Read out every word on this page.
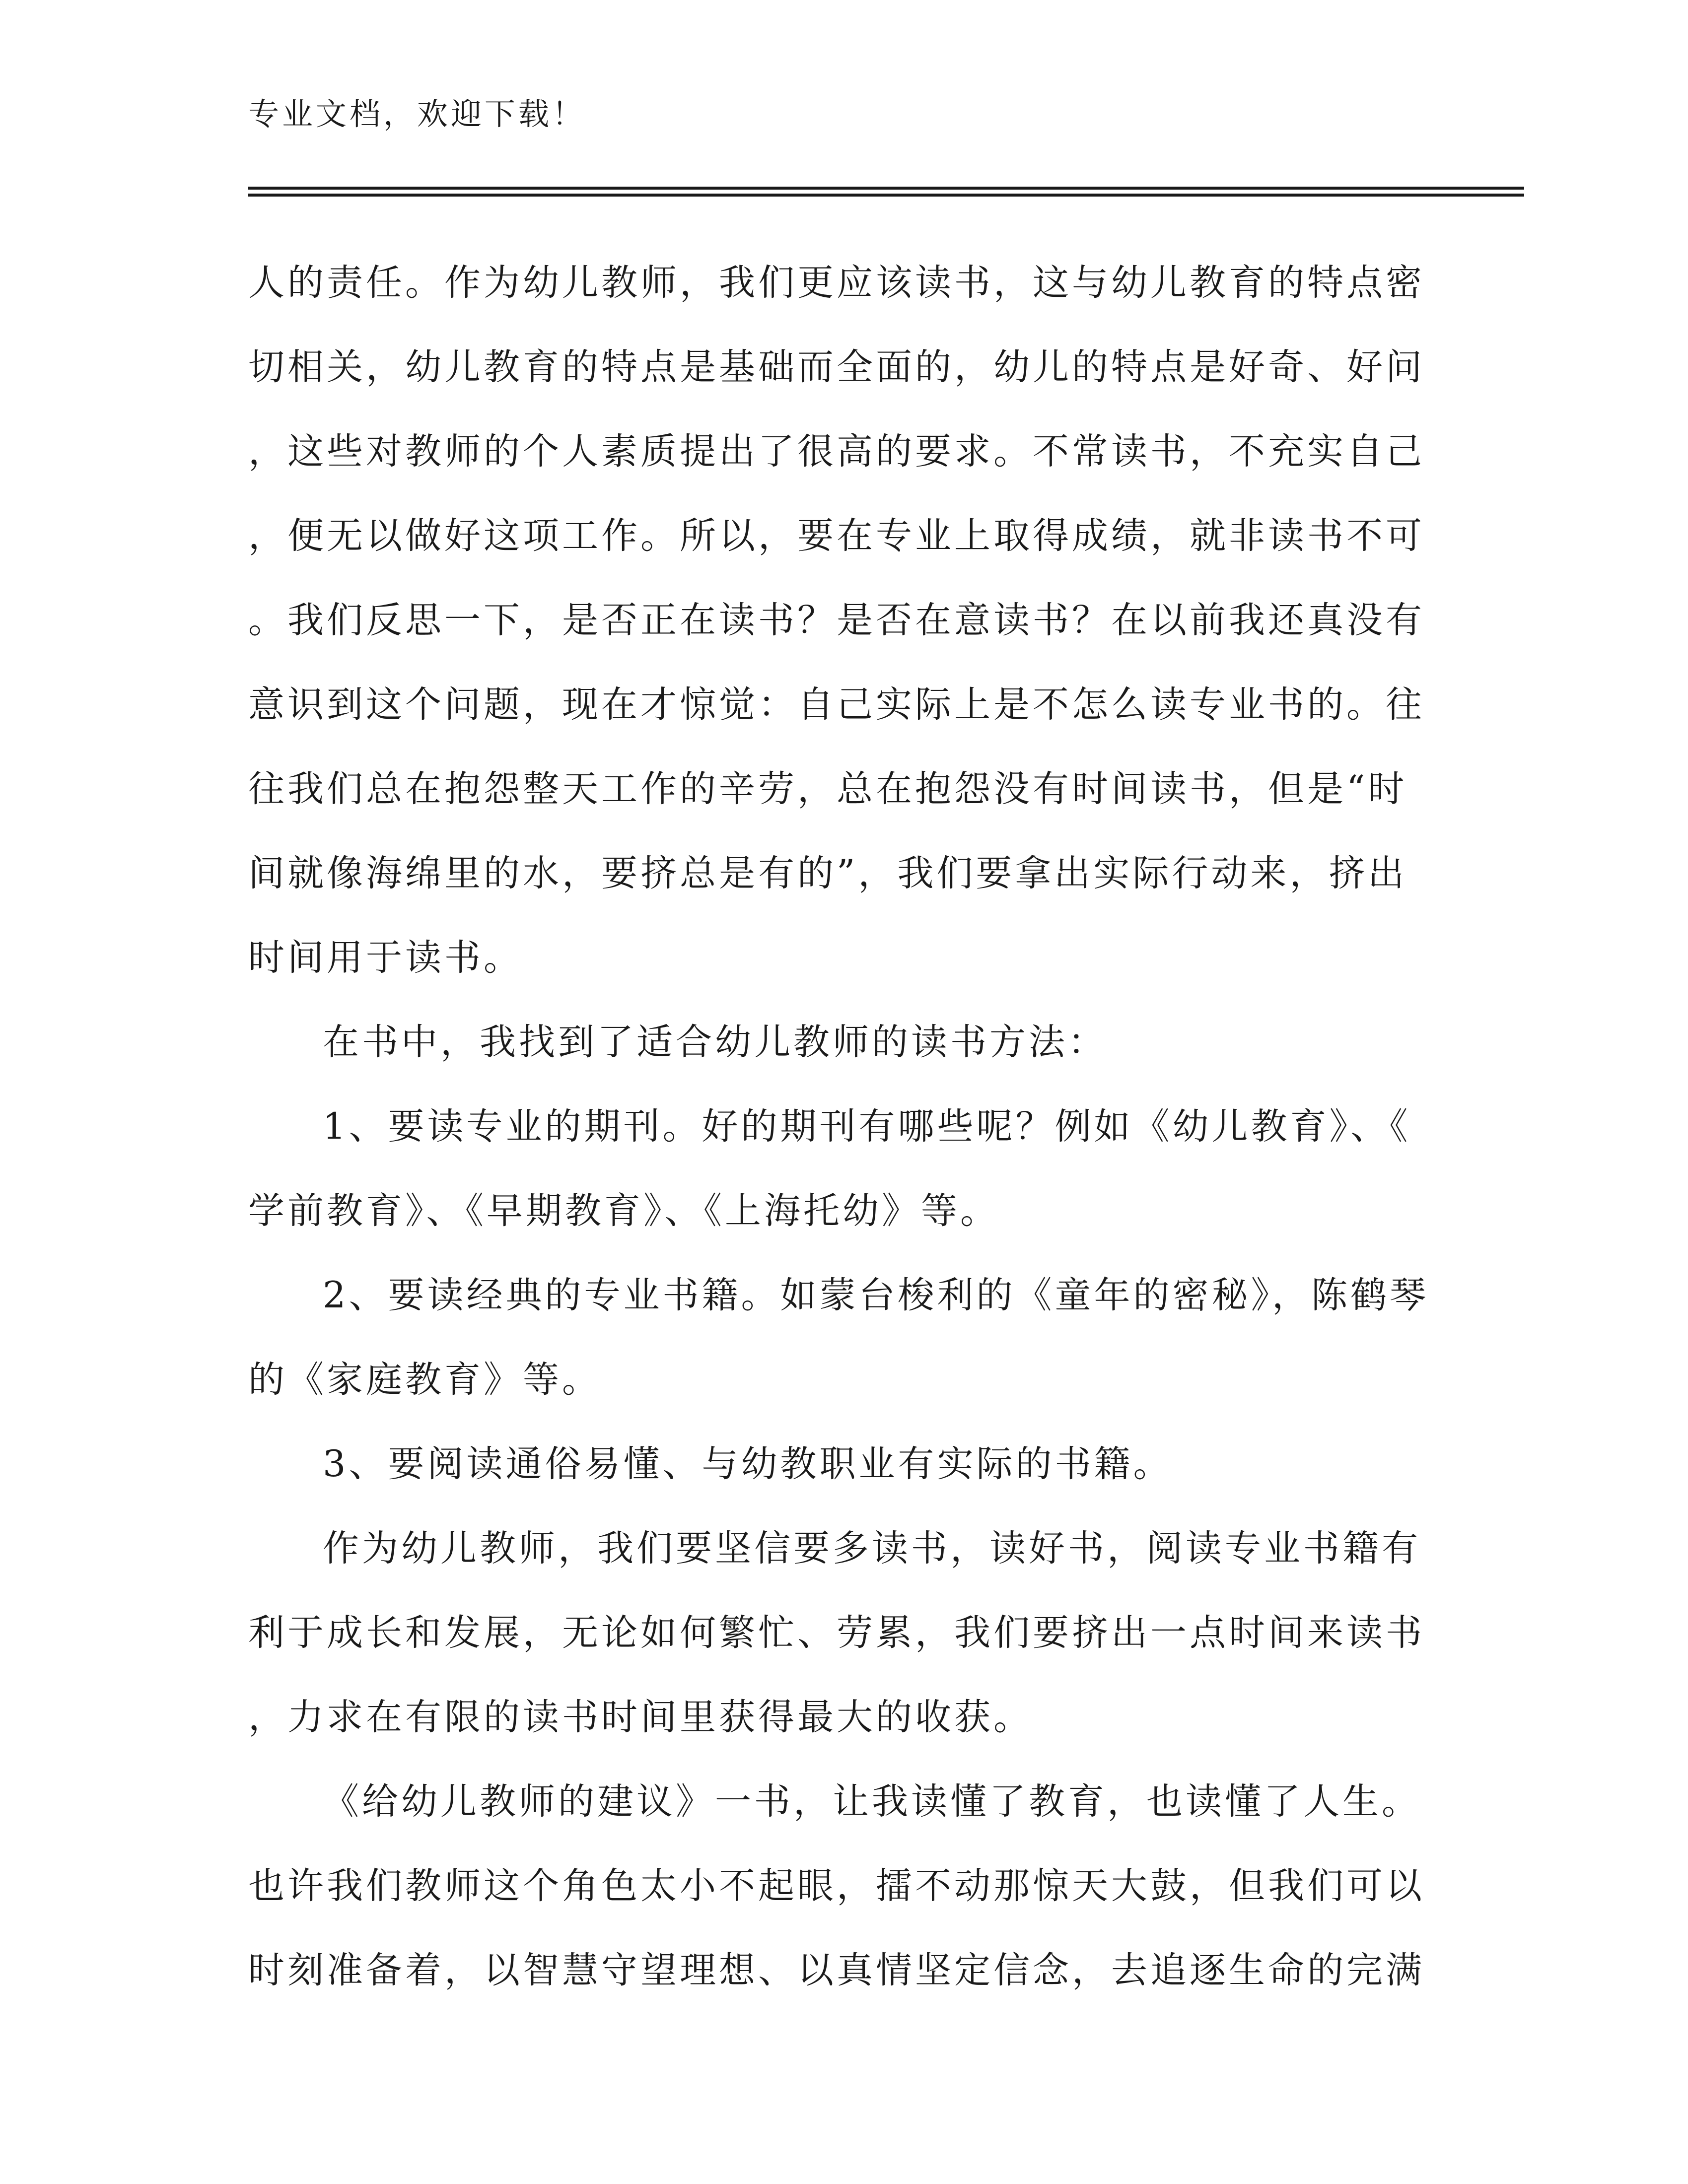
专业文档，欢迎下载！
人的责任。作为幼儿教师，我们更应该读书，这与幼儿教育的特点密
切相关，幼儿教育的特点是基础而全面的，幼儿的特点是好奇、好问
，这些对教师的个人素质提出了很高的要求。不常读书，不充实自己
，便无以做好这项工作。所以，要在专业上取得成绩，就非读书不可
。我们反思一下，是否正在读书？是否在意读书？在以前我还真没有
意识到这个问题，现在才惊觉：自己实际上是不怎么读专业书的。往
往我们总在抱怨整天工作的辛劳，总在抱怨没有时间读书，但是“时
间就像海绵里的水，要挤总是有的”，我们要拿出实际行动来，挤出
时间用于读书。
在书中，我找到了适合幼儿教师的读书方法：
1、要读专业的期刊。好的期刊有哪些呢？例如《幼儿教育》、《
学前教育》、《早期教育》、《上海托幼》等。
2、要读经典的专业书籍。如蒙台梭利的《童年的密秘》，陈鹤琴
的《家庭教育》等。
3、要阅读通俗易懂、与幼教职业有实际的书籍。
作为幼儿教师，我们要坚信要多读书，读好书，阅读专业书籍有
利于成长和发展，无论如何繁忙、劳累，我们要挤出一点时间来读书
，力求在有限的读书时间里获得最大的收获。
《给幼儿教师的建议》一书，让我读懂了教育，也读懂了人生。
也许我们教师这个角色太小不起眼，擂不动那惊天大鼓，但我们可以
时刻准备着，以智慧守望理想、以真情坚定信念，去追逐生命的完满
